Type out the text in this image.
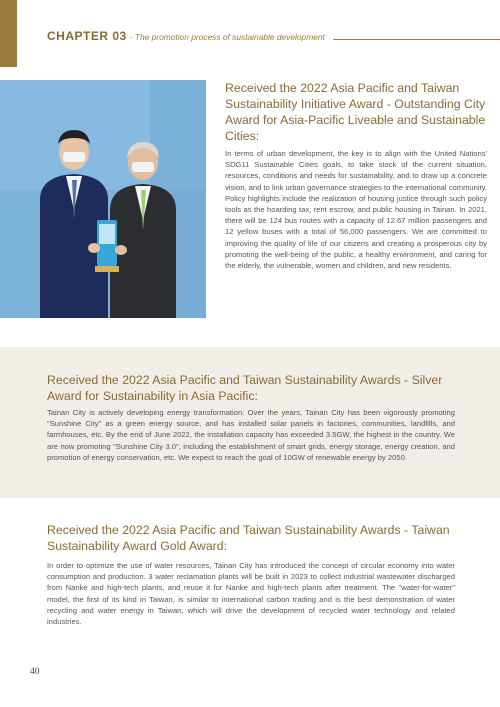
CHAPTER 03 - The promotion process of sustainable development
Received the 2022 Asia Pacific and Taiwan Sustainability Initiative Award - Outstanding City Award for Asia-Pacific Liveable and Sustainable Cities:
In terms of urban development, the key is to align with the United Nations' SDG11 Sustainable Cities goals, to take stock of the current situation, resources, conditions and needs for sustainability, and to draw up a concrete vision, and to link urban governance strategies to the international community. Policy highlights include the realization of housing justice through such policy tools as the hoarding tax, rent escrow, and public housing in Tainan. In 2021, there will be 124 bus routes with a capacity of 12.67 million passengers and 12 yellow buses with a total of 56,000 passengers. We are committed to improving the quality of life of our citizens and creating a prosperous city by promoting the well-being of the public, a healthy environment, and caring for the elderly, the vulnerable, women and children, and new residents.
Received the 2022 Asia Pacific and Taiwan Sustainability Awards - Silver Award for Sustainability in Asia Pacific:
Tainan City is actively developing energy transformation. Over the years, Tainan City has been vigorously promoting "Sunshine City" as a green energy source, and has installed solar panels in factories, communities, landfills, and farmhouses, etc. By the end of June 2022, the installation capacity has exceeded 3.5GW, the highest in the country. We are now promoting "Sunshine City 3.0", including the establishment of smart grids, energy storage, energy creation, and promotion of energy conservation, etc. We expect to reach the goal of 10GW of renewable energy by 2050.
Received the 2022 Asia Pacific and Taiwan Sustainability Awards - Taiwan Sustainability Award Gold Award:
In order to optimize the use of water resources, Tainan City has introduced the concept of circular economy into water consumption and production. 3 water reclamation plants will be built in 2023 to collect industrial wastewater discharged from Nanke and high-tech plants, and reuse it for Nanke and high-tech plants after treatment. The "water-for-water" model, the first of its kind in Taiwan, is similar to international carbon trading and is the best demonstration of water recycling and water energy in Taiwan, which will drive the development of recycled water technology and related industries.
40
